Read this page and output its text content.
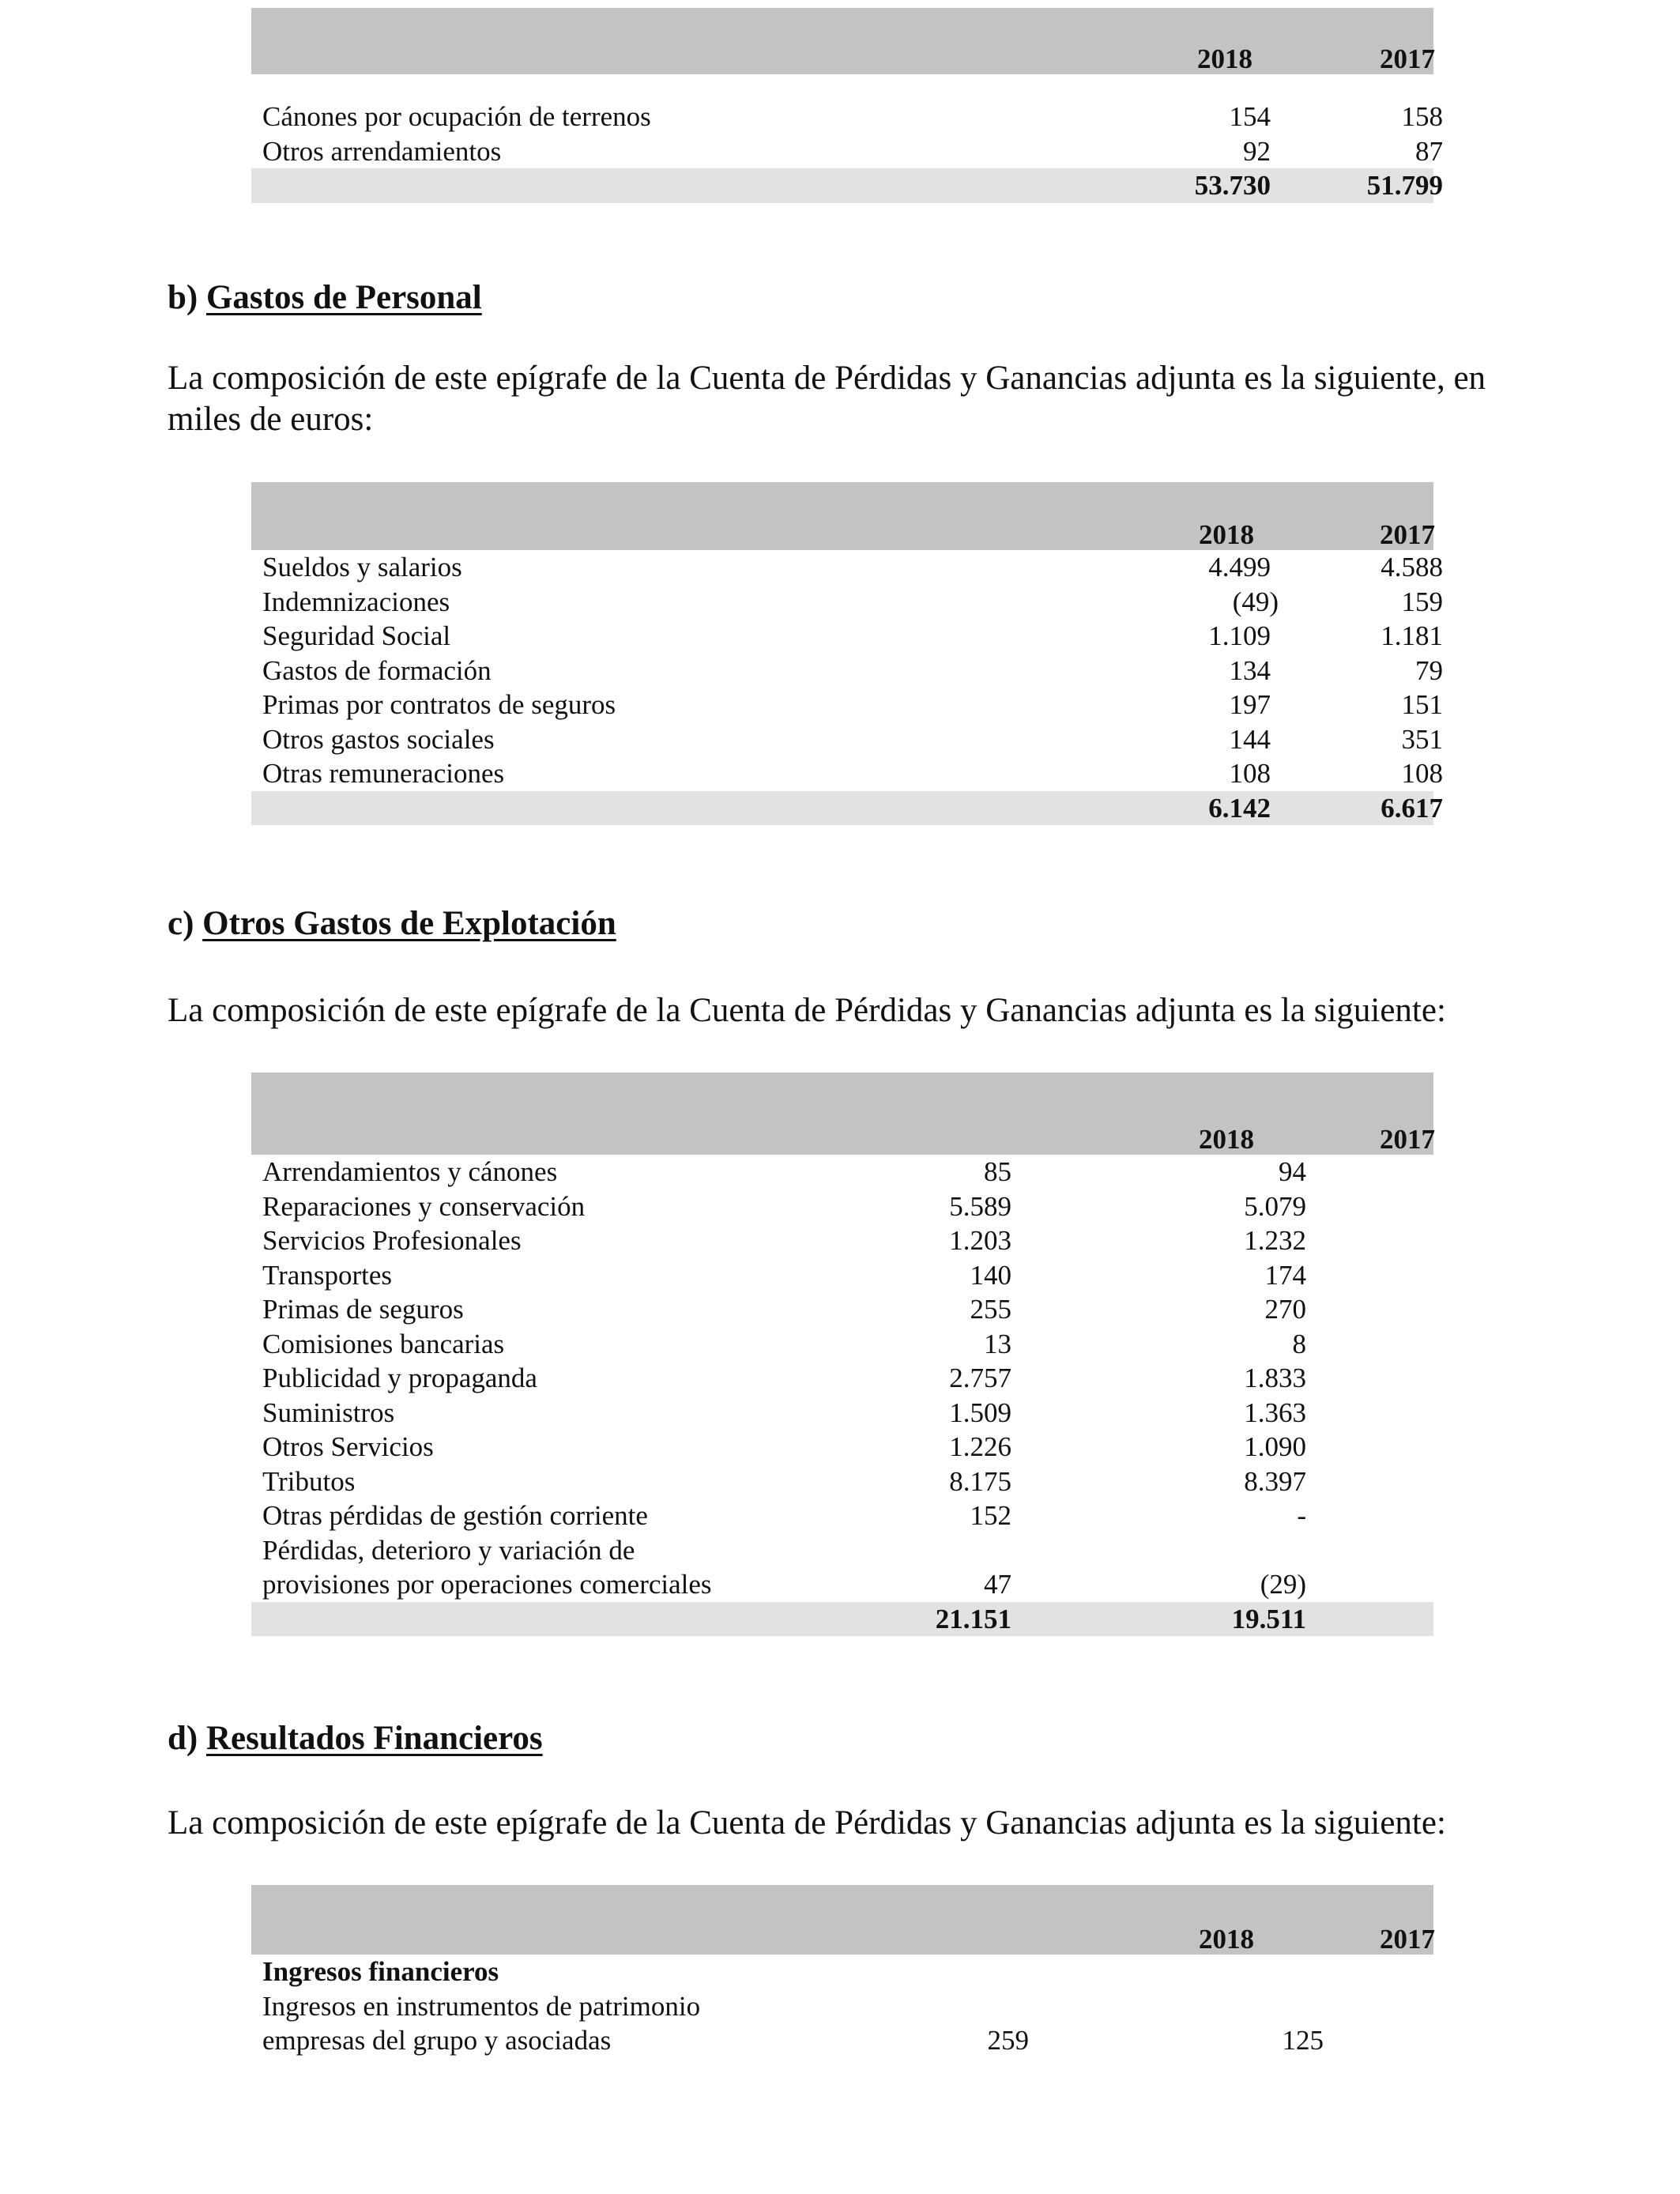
2018	2017
Cánones por ocupación de terrenos	154	158
Otros arrendamientos	92	87
53.730	51.799
b) Gastos de Personal
La composición de este epígrafe de la Cuenta de Pérdidas y Ganancias adjunta es la siguiente, en miles de euros:
2018	2017
Sueldos y salarios	4.499	4.588
Indemnizaciones	(49)	159
Seguridad Social	1.109	1.181
Gastos de formación	134	79
Primas por contratos de seguros	197	151
Otros gastos sociales	144	351
Otras remuneraciones	108	108
6.142	6.617
c) Otros Gastos de Explotación
La composición de este epígrafe de la Cuenta de Pérdidas y Ganancias adjunta es la siguiente:
2018	2017
Arrendamientos y cánones	85	94
Reparaciones y conservación	5.589	5.079
Servicios Profesionales	1.203	1.232
Transportes	140	174
Primas de seguros	255	270
Comisiones bancarias	13	8
Publicidad y propaganda	2.757	1.833
Suministros	1.509	1.363
Otros Servicios	1.226	1.090
Tributos	8.175	8.397
Otras pérdidas de gestión corriente	152	-
Pérdidas, deterioro y variación de
provisiones por operaciones comerciales	47	(29)
21.151	19.511
d) Resultados Financieros
La composición de este epígrafe de la Cuenta de Pérdidas y Ganancias adjunta es la siguiente:
2018	2017
Ingresos financieros
Ingresos en instrumentos de patrimonio
empresas del grupo y asociadas	259	125
